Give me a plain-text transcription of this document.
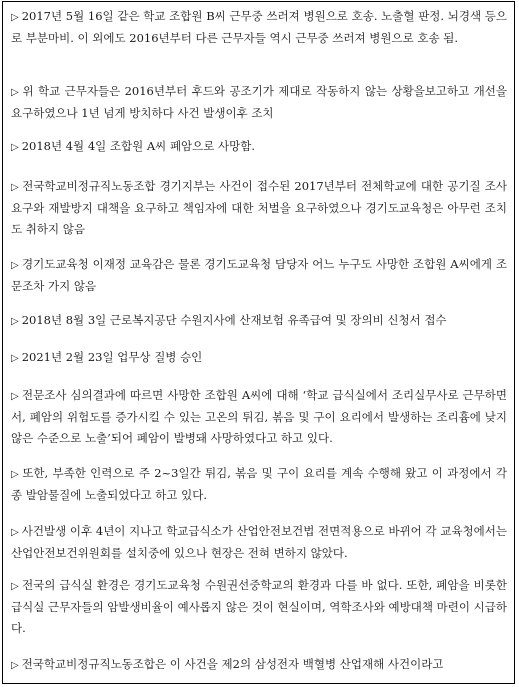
▷ 2017년 5월 16일 같은 학교 조합원 B씨 근무중 쓰러져 병원으로 호송. 노출혈 판정. 뇌경색 등으로 부분마비. 이 외에도 2016년부터 다른 근무자들 역시 근무중 쓰러져 병원으로 호송 됨.

▷ 위 학교 근무자들은 2016년부터 후드와 공조기가 제대로 작동하지 않는 상황을보고하고 개선을 요구하였으나 1년 넘게 방치하다 사건 발생이후 조치

▷ 2018년 4월 4일 조합원 A씨 폐암으로 사망함.

▷ 전국학교비정규직노동조합 경기지부는 사건이 접수된 2017년부터 전체학교에 대한 공기질 조사요구와 재발방지 대책을 요구하고 책임자에 대한 처벌을 요구하였으나 경기도교육청은 아무런 조치도 취하지 않음

▷ 경기도교육청 이재정 교육감은 물론 경기도교육청 담당자 어느 누구도 사망한 조합원 A씨에게 조문조차 가지 않음

▷ 2018년 8월 3일 근로복지공단 수원지사에 산재보험 유족급여 및 장의비 신청서 접수

▷ 2021년 2월 23일 업무상 질병 승인

▷ 전문조사 심의결과에 따르면 사망한 조합원 A씨에 대해 ‘학교 급식실에서 조리실무사로 근무하면서, 폐암의 위험도를 증가시킬 수 있는 고온의 튀김, 볶음 및 구이 요리에서 발생하는 조리흄에 낮지 않은 수준으로 노출’되어 폐암이 발병돼 사망하였다고 하고 있다.

▷ 또한, 부족한 인력으로 주 2~3일간 튀김, 볶음 및 구이 요리를 계속 수행해 왔고 이 과정에서 각종 발암물질에 노출되었다고 하고 있다.

▷ 사건발생 이후 4년이 지나고 학교급식소가 산업안전보건법 전면적용으로 바뀌어 각 교육청에서는 산업안전보건위원회를 설치중에 있으나 현장은 전혀 변하지 않았다.

▷ 전국의 급식실 환경은 경기도교육청 수원권선중학교의 환경과 다를 바 없다. 또한, 폐암을 비롯한 급식실 근무자들의 암발생비율이 예사롭지 않은 것이 현실이며, 역학조사와 예방대책 마련이 시급하다.

▷ 전국학교비정규직노동조합은 이 사건을 제2의 삼성전자 백혈병 산업재해 사건이라고
